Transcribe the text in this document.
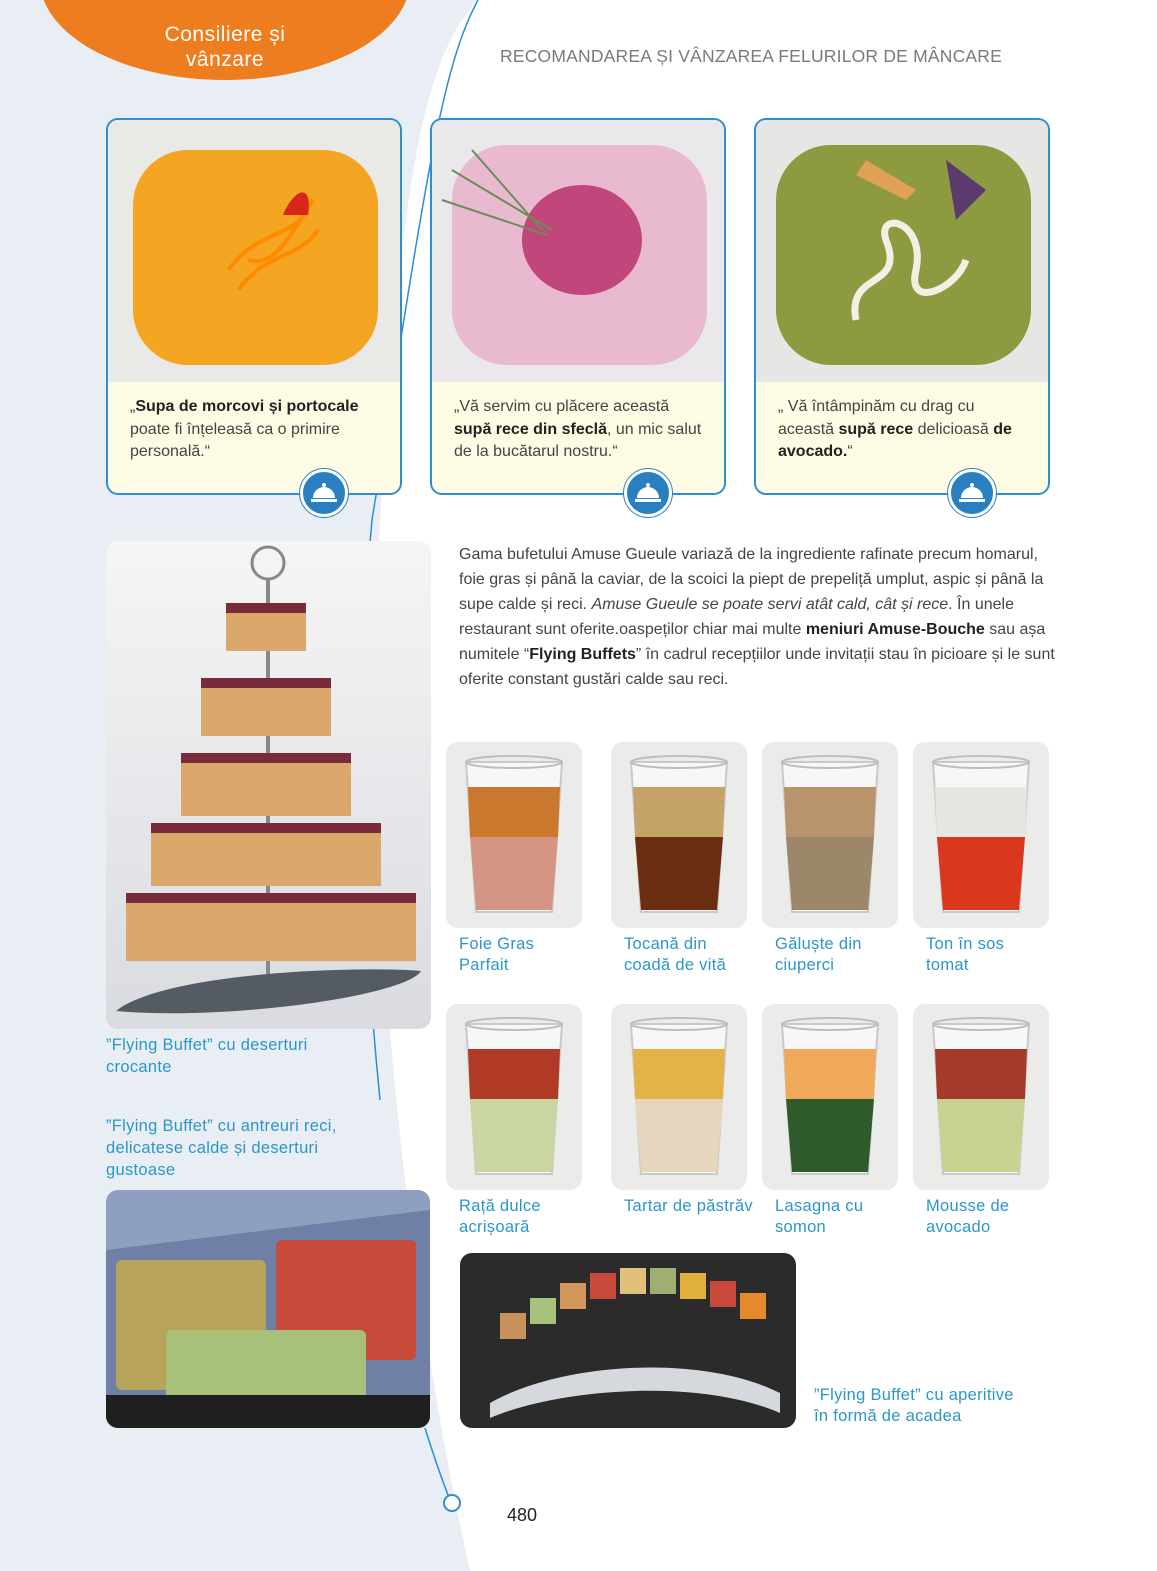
Consiliere și
vânzare	RECOMANDAREA ȘI VÂNZAREA FELURILOR DE MÂNCARE
„Supa de morcovi și portocale poate fi înțeleasă ca o primire personală.“
„Vă servim cu plăcere această supă rece din sfeclă, un mic salut de la bucătarul nostru.“
„ Vă întâmpinăm cu drag cu această supă rece delicioasă de avocado.“
”Flying Buffet” cu deserturi
crocante
”Flying Buffet” cu antreuri reci,
delicatese calde și deserturi
gustoase
Gama bufetului Amuse Gueule variază de la ingrediente rafinate precum homarul, foie gras și până la caviar, de la scoici la piept de prepeliță umplut, aspic și până la supe calde și reci. Amuse Gueule se poate servi atât cald, cât și rece. În unele restaurant sunt oferite.oaspeților chiar mai multe meniuri Amuse-Bouche sau așa numitele “Flying Buffets” în cadrul recepțiilor unde invitații stau în picioare și le sunt oferite constant gustări calde sau reci.
Foie Gras
Parfait
Tocană din
coadă de vită
Găluște din
ciuperci
Ton în sos
tomat
Rață dulce
acrișoară
Tartar de păstrăv	Lasagna cu
somon
Mousse de
avocado
”Flying Buffet” cu aperitive
în formă de acadea
480
